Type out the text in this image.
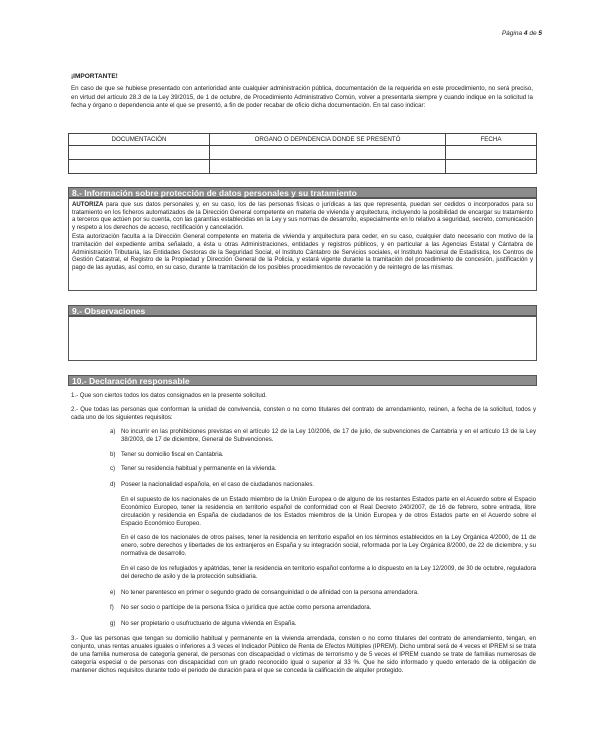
Página 4 de 5
¡IMPORTANTE!
En caso de que se hubiese presentado con anterioridad ante cualquier administración pública, documentación de la requerida en este procedimiento, no será preciso, en virtud del artículo 28.3 de la Ley 39/2015, de 1 de octubre, de Procedimiento Administrativo Común, volver a presentarla siempre y cuando indique en la solicitud la fecha y órgano o dependencia ante el que se presentó, a fin de poder recabar de oficio dicha documentación. En tal caso indicar:
DOCUMENTACIÓN	ORGANO O DEPNDENCIA DONDE SE PRESENTÓ	FECHA

8.- Información sobre protección de datos personales y su tratamiento

AUTORIZA para que sus datos personales y, en su caso, los de las personas físicas o jurídicas a las que representa, puedan ser cedidos o incorporados para su tratamiento en los ficheros automatizados de la Dirección General competente en materia de vivienda y arquitectura, incluyendo la posibilidad de encargar su tratamiento a terceros que actúen por su cuenta, con las garantías establecidas en la Ley y sus normas de desarrollo, especialmente en lo relativo a seguridad, secreto, comunicación y respeto a los derechos de acceso, rectificación y cancelación.

Esta autorización faculta a la Dirección General competente en materia de vivienda y arquitectura para ceder, en su caso, cualquier dato necesario con motivo de la tramitación del expediente arriba señalado, a ésta u otras Administraciones, entidades y registros públicos, y en particular a las Agencias Estatal y Cántabra de Administración Tributaria, las Entidades Gestoras de la Seguridad Social, el Instituto Cántabro de Servicios sociales, el Instituto Nacional de Estadística, los Centros de Gestión Catastral, el Registro de la Propiedad y Dirección General de la Policía, y estará vigente durante la tramitación del procedimiento de concesión, justificación y pago de las ayudas, así como, en su caso, durante la tramitación de los posibles procedimientos de revocación y de reintegro de las mismas.

9.- Observaciones
10.- Declaración responsable
1.- Que son ciertos todos los datos consignados en la presente solicitud.
2.- Que todas las personas que conforman la unidad de convivencia, consten o no como titulares del contrato de arrendamiento, reúnen, a fecha de la solicitud, todos y cada uno de los siguientes requisitos:
a) No incurrir en las prohibiciones previstas en el artículo 12 de la Ley 10/2006, de 17 de julio, de subvenciones de Cantabria y en el artículo 13 de la Ley 38/2003, de 17 de diciembre, General de Subvenciones.
b) Tener su domicilio fiscal en Cantabria.
c) Tener su residencia habitual y permanente en la vivienda.
d) Poseer la nacionalidad española, en el caso de ciudadanos nacionales.
En el supuesto de los nacionales de un Estado miembro de la Unión Europea o de alguno de los restantes Estados parte en el Acuerdo sobre el Espacio Económico Europeo, tener la residencia en territorio español de conformidad con el Real Decreto 240/2007, de 16 de febrero, sobre entrada, libre circulación y residencia en España de ciudadanos de los Estados miembros de la Unión Europea y de otros Estados parte en el Acuerdo sobre el Espacio Económico Europeo.
En el caso de los nacionales de otros países, tener la residencia en territorio español en los términos establecidos en la Ley Orgánica 4/2000, de 11 de enero, sobre derechos y libertades de los extranjeros en España y su integración social, reformada por la Ley Orgánica 8/2000, de 22 de diciembre, y su normativa de desarrollo.
En el caso de los refugiados y apátridas, tener la residencia en territorio español conforme a lo dispuesto en la Ley 12/2009, de 30 de octubre, reguladora del derecho de asilo y de la protección subsidiaria.
e) No tener parentesco en primer o segundo grado de consanguinidad o de afinidad con la persona arrendadora.
f) No ser socio o partícipe de la persona física o jurídica que actúe como persona arrendadora.
g) No ser propietario o usufructuario de alguna vivienda en España.
3.- Que las personas que tengan su domicilio habitual y permanente en la vivienda arrendada, consten o no como titulares del contrato de arrendamiento, tengan, en conjunto, unas rentas anuales iguales o inferiores a 3 veces el Indicador Público de Renta de Efectos Múltiples (IPREM). Dicho umbral será de 4 veces el IPREM si se trata de una familia numerosa de categoría general, de personas con discapacidad o víctimas de terrorismo y de 5 veces el IPREM cuando se trate de familias numerosas de categoría especial o de personas con discapacidad con un grado reconocido igual o superior al 33 %. Que he sido informado y quedo enterado de la obligación de mantener dichos requisitos durante todo el periodo de duración para el que se conceda la calificación de alquiler protegido.
